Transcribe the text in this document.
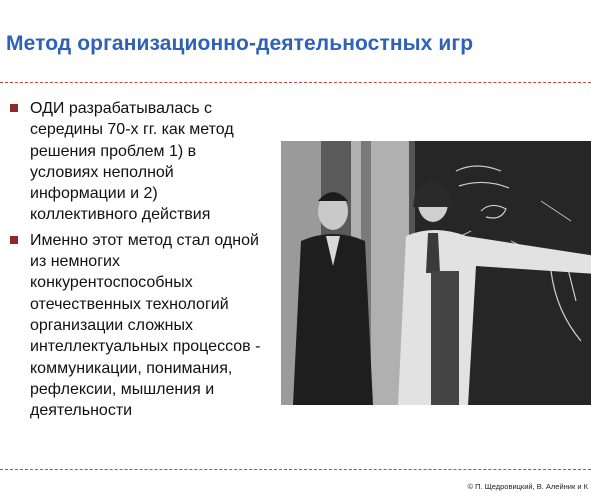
Метод организационно-деятельностных игр
ОДИ разрабатывалась с
середины 70-х гг. как метод
решения проблем 1) в
условиях неполной
информации и 2)
коллективного действия
Именно этот метод стал одной
из немногих
конкурентоспособных
отечественных технологий
организации сложных
интеллектуальных процессов -
коммуникации, понимания,
рефлексии, мышления и
деятельности
© П. Щедровицкий, В. Алейник и К
